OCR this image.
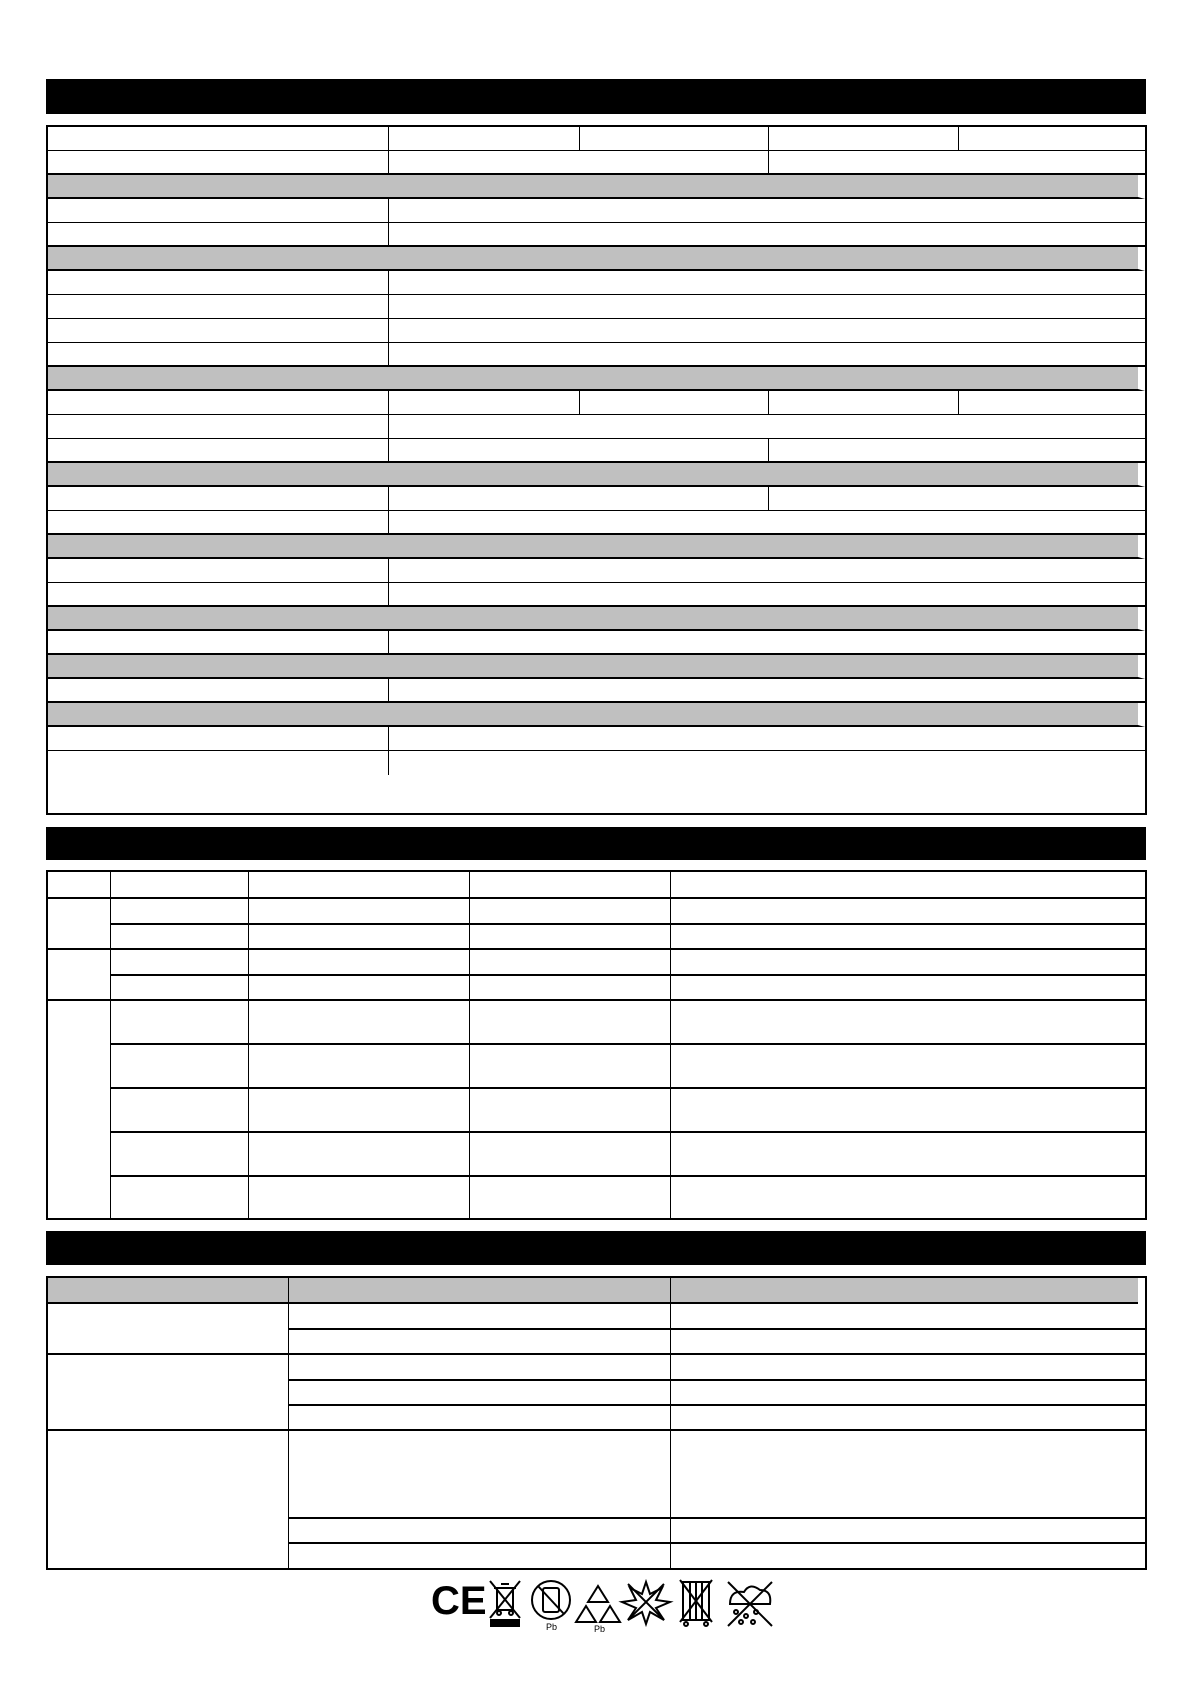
CE
Pb	Pb
